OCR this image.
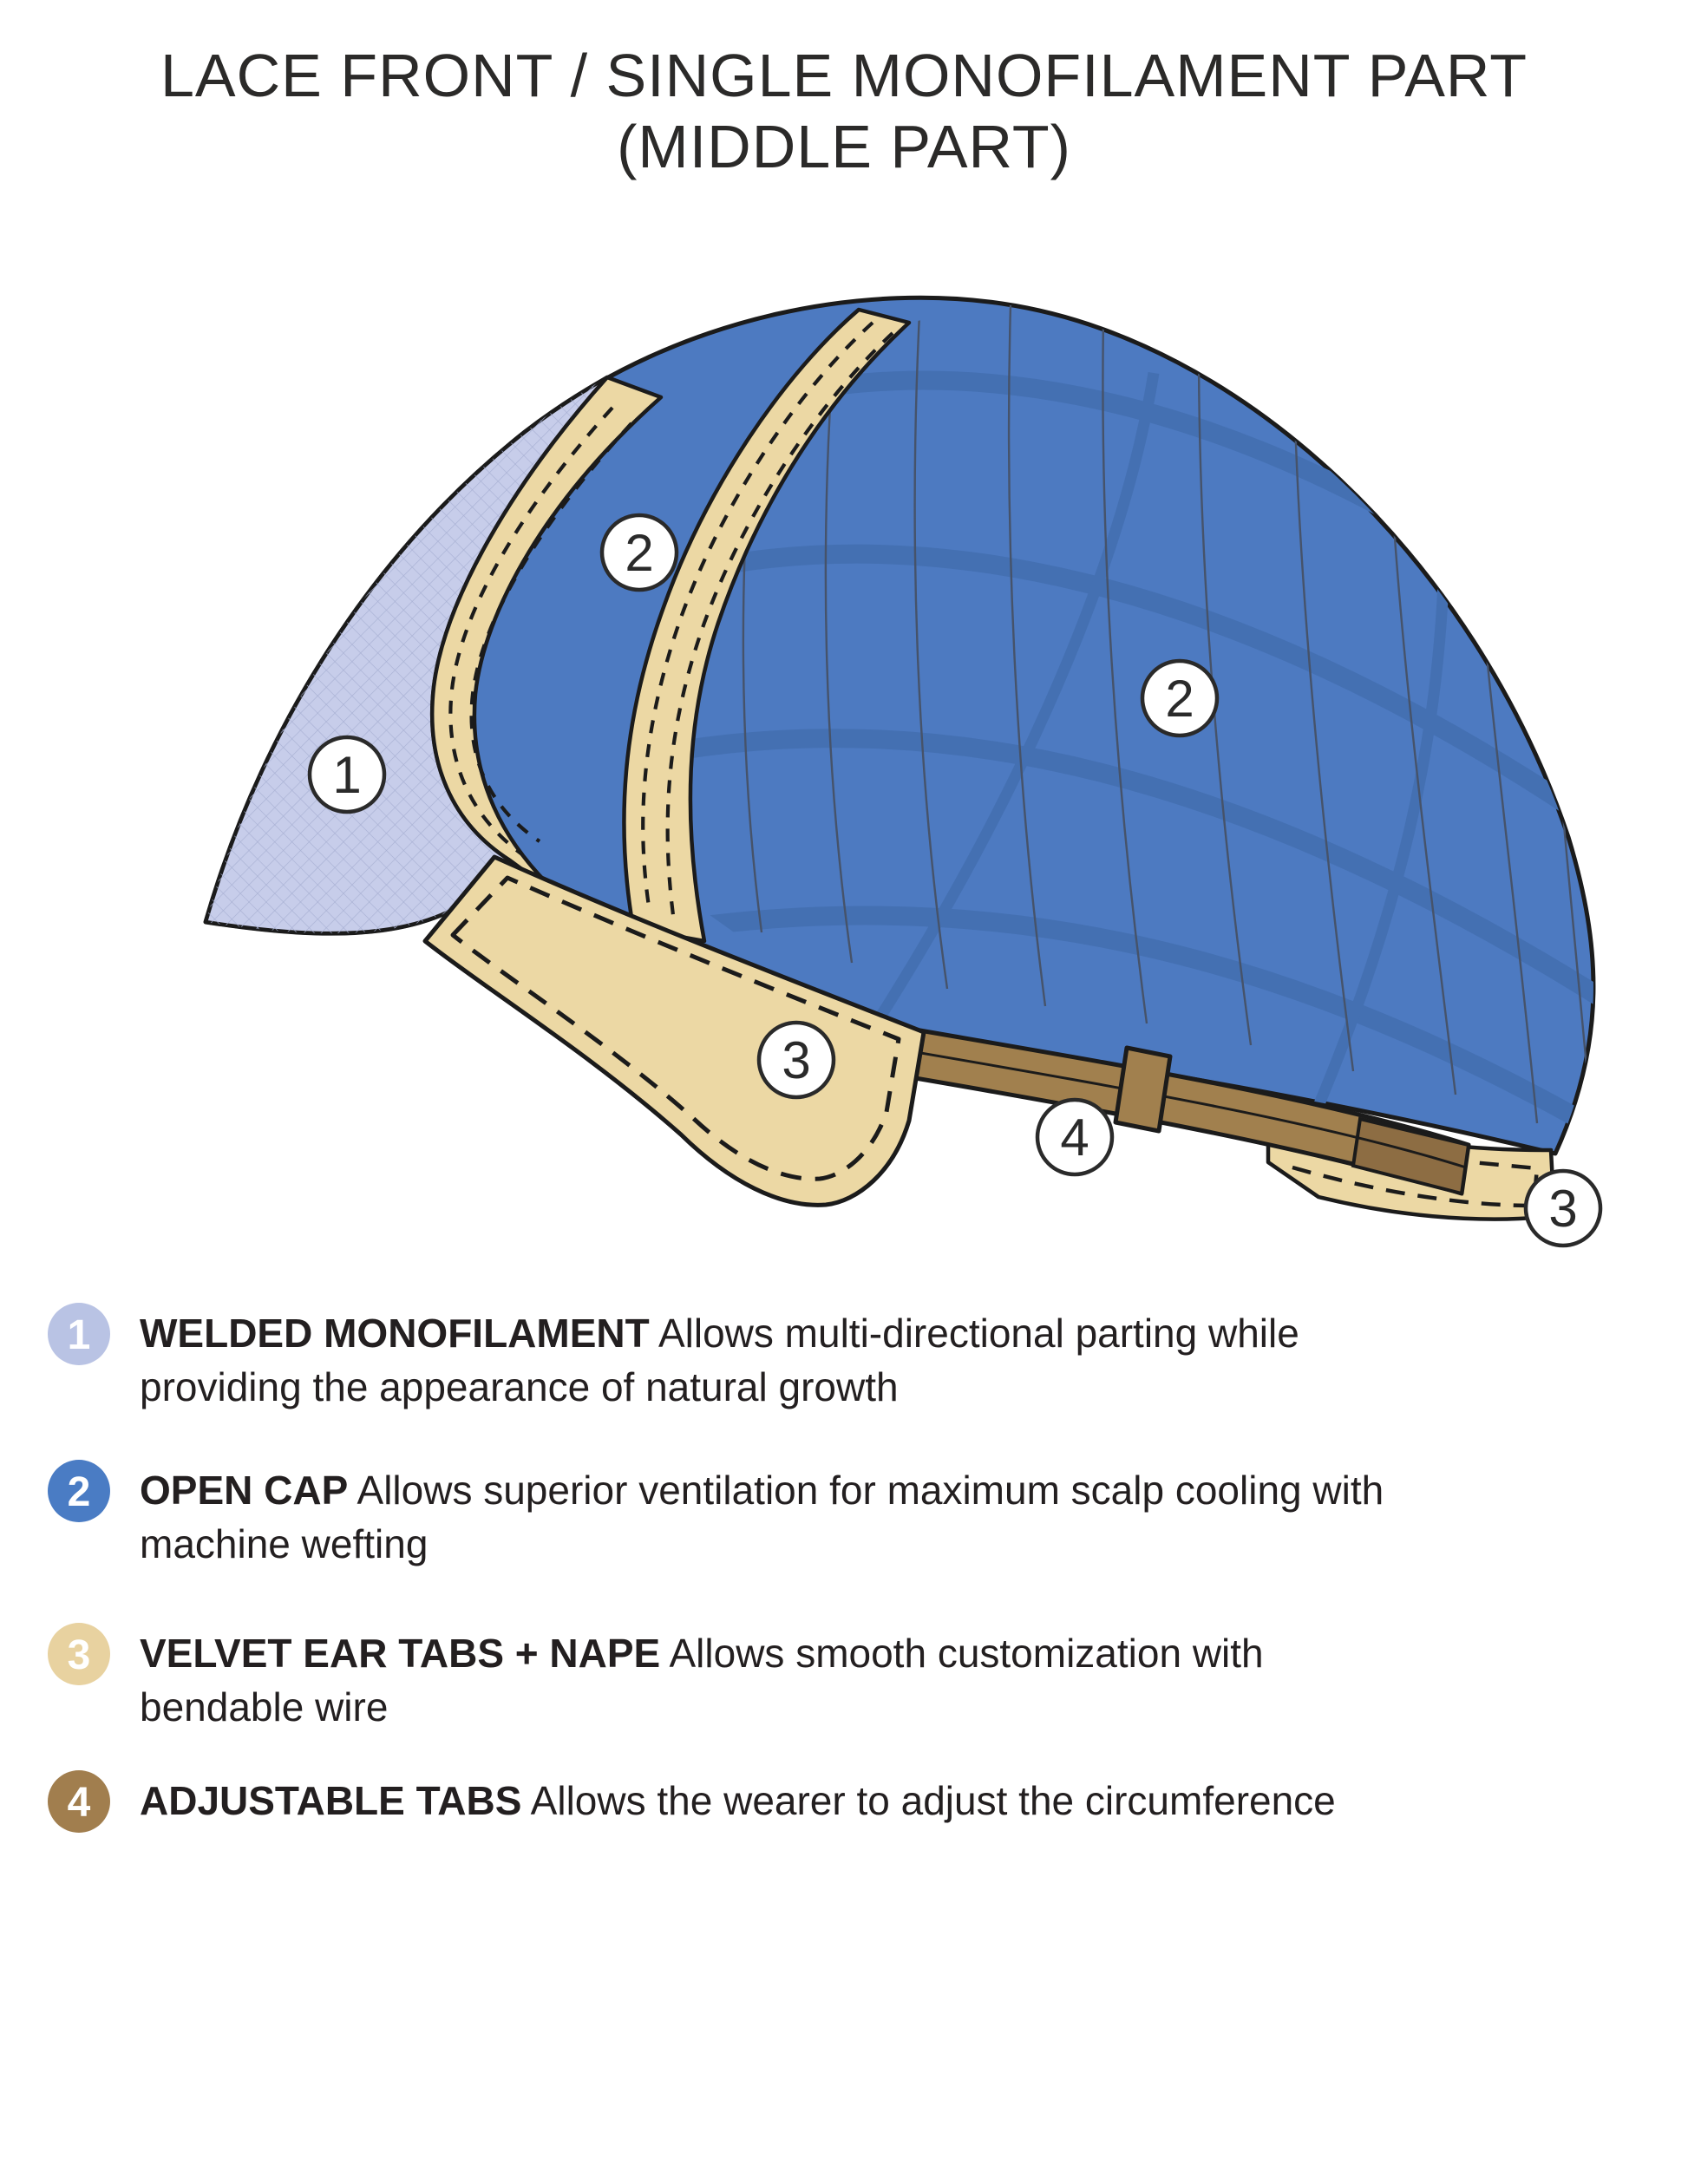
LACE FRONT / SINGLE MONOFILAMENT PART
(MIDDLE PART)
1
2
2
3
3
4
1 WELDED MONOFILAMENT Allows multi-directional parting while providing the appearance of natural growth

2 OPEN CAP Allows superior ventilation for maximum scalp cooling with machine wefting

3 VELVET EAR TABS + NAPE Allows smooth customization with bendable wire

4 ADJUSTABLE TABS Allows the wearer to adjust the circumference
